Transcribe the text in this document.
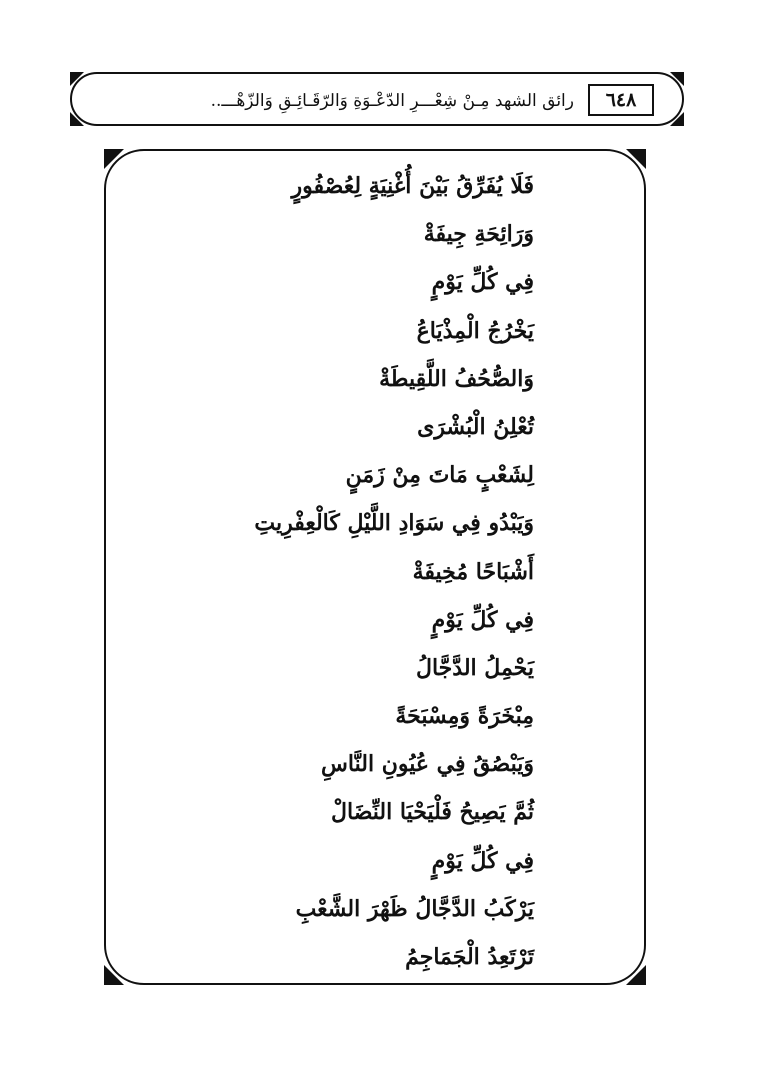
٦٤٨
رائق الشهد مِـنْ شِعْـــرِ الدّعْـوَةِ وَالرّقَـائِـقِ وَالزّهْـــ..
فَلَا يُفَرِّقُ بَيْنَ أُغْنِيَةٍ لِعُصْفُورٍ
وَرَائِحَةِ جِيفَةْ
فِي كُلِّ يَوْمٍ
يَخْرُجُ الْمِذْيَاعُ
وَالصُّحُفُ اللَّقِيطَةْ
تُعْلِنُ الْبُشْرَى
لِشَعْبٍ مَاتَ مِنْ زَمَنٍ
وَيَبْدُو فِي سَوَادِ اللَّيْلِ كَالْعِفْرِيتِ
أَشْبَاحًا مُخِيفَةْ
فِي كُلِّ يَوْمٍ
يَحْمِلُ الدَّجَّالُ
مِبْخَرَةً وَمِسْبَحَةً
وَيَبْصُقُ فِي عُيُونِ النَّاسِ
ثُمَّ يَصِيحُ فَلْيَحْيَا النِّضَالْ
فِي كُلِّ يَوْمٍ
يَرْكَبُ الدَّجَّالُ ظَهْرَ الشَّعْبِ
تَرْتَعِدُ الْجَمَاجِمُ
